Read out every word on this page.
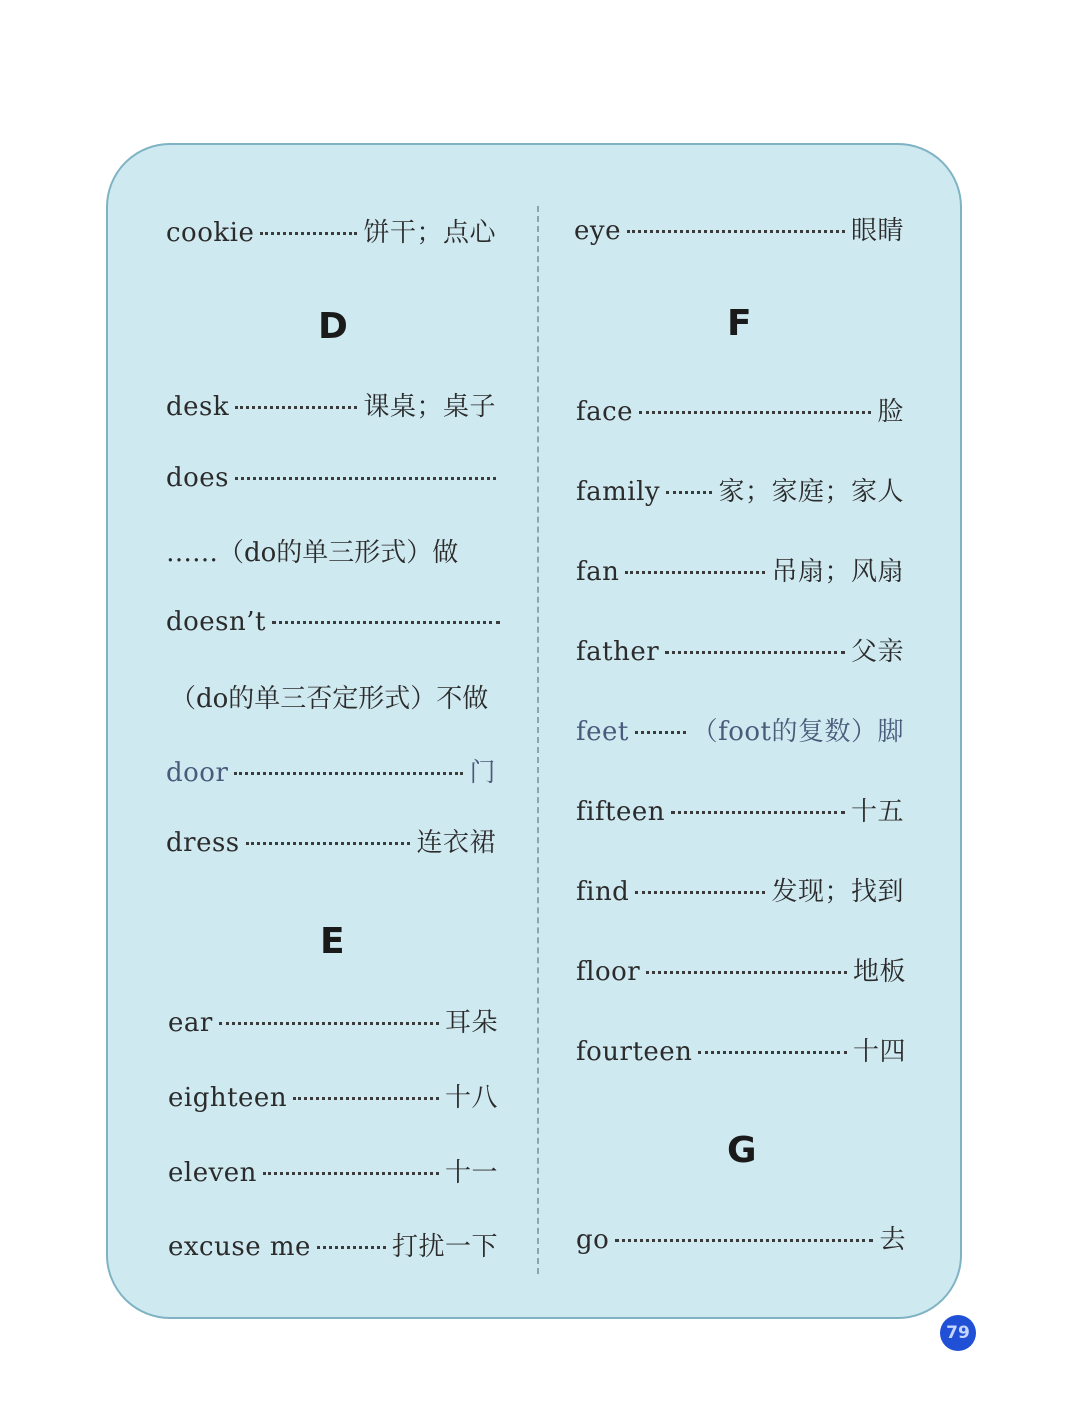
cookie	饼干；点心
D
desk	课桌；桌子
does
……（do的单三形式）做
doesn’t
（do的单三否定形式）不做
door	门
dress	连衣裙
E
ear	耳朵
eighteen	十八
eleven	十一
excuse me	打扰一下
eye	眼睛
F
face	脸
family 家；家庭；家人
fan	吊扇；风扇
father	父亲
feet （foot的复数）脚
fifteen	十五
find	发现；找到
floor	地板
fourteen	十四
G
go	去
79
